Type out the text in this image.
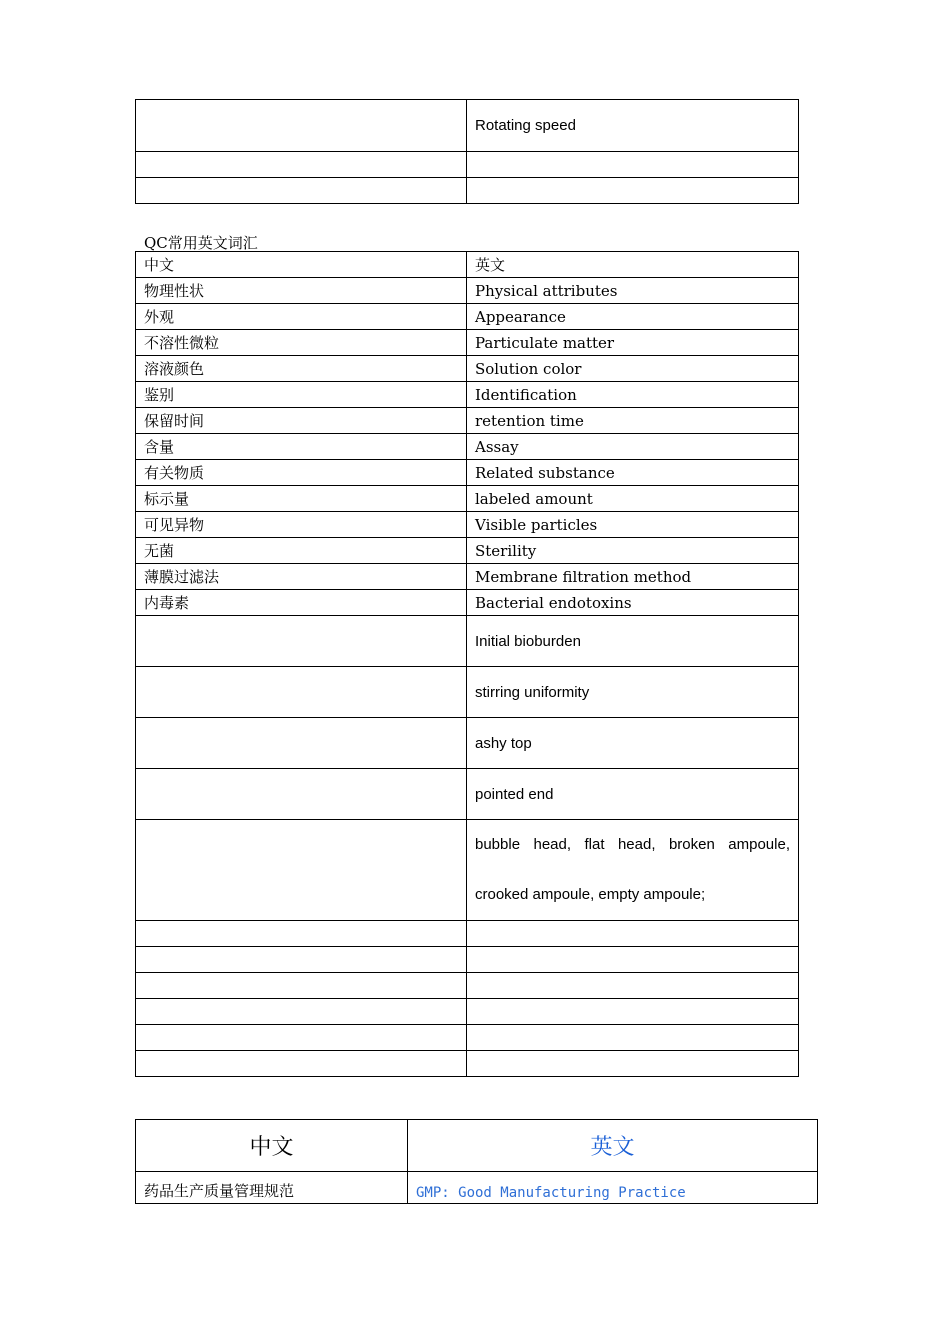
	Rotating speed

QC常用英文词汇
中文	英文
物理性状	Physical attributes
外观	Appearance
不溶性微粒	Particulate matter
溶液颜色	Solution color
鉴别	Identification
保留时间	retention time
含量	Assay
有关物质	Related substance
标示量	labeled amount
可见异物	Visible particles
无菌	Sterility
薄膜过滤法	Membrane filtration method
内毒素	Bacterial endotoxins
	Initial bioburden
	stirring uniformity
	ashy top
	pointed end
	bubble head, flat head, broken ampoule, crooked ampoule, empty ampoule;

中文	英文
药品生产质量管理规范	GMP: Good Manufacturing Practice
